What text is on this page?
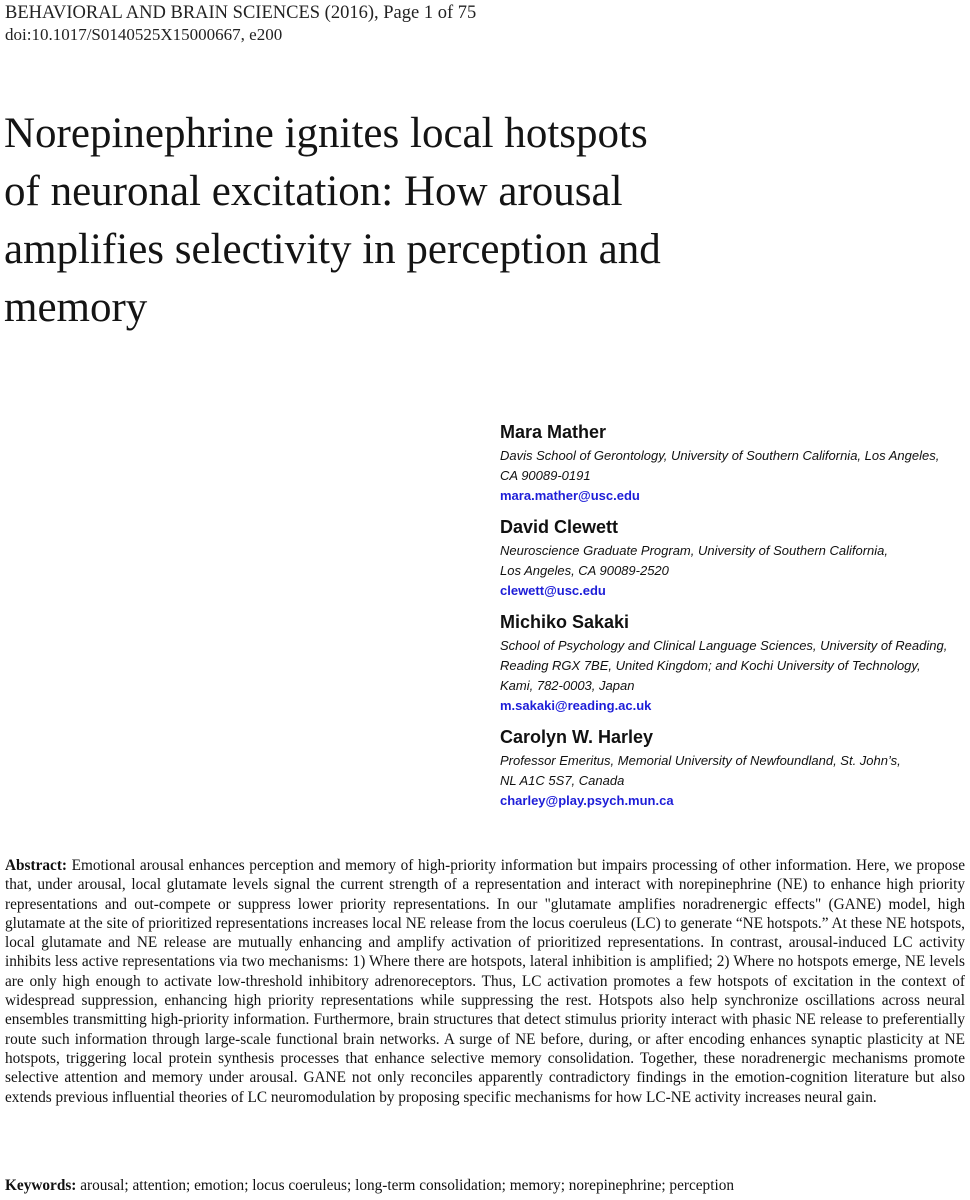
BEHAVIORAL AND BRAIN SCIENCES (2016), Page 1 of 75
doi:10.1017/S0140525X15000667, e200
Norepinephrine ignites local hotspots
of neuronal excitation: How arousal
amplifies selectivity in perception and
memory
Mara Mather
Davis School of Gerontology, University of Southern California, Los Angeles,
CA 90089-0191
mara.mather@usc.edu
David Clewett
Neuroscience Graduate Program, University of Southern California,
Los Angeles, CA 90089-2520
clewett@usc.edu
Michiko Sakaki
School of Psychology and Clinical Language Sciences, University of Reading,
Reading RGX 7BE, United Kingdom; and Kochi University of Technology,
Kami, 782-0003, Japan
m.sakaki@reading.ac.uk
Carolyn W. Harley
Professor Emeritus, Memorial University of Newfoundland, St. John’s,
NL A1C 5S7, Canada
charley@play.psych.mun.ca

Abstract: Emotional arousal enhances perception and memory of high-priority information but impairs processing of other information. Here, we propose that, under arousal, local glutamate levels signal the current strength of a representation and interact with norepinephrine (NE) to enhance high priority representations and out-compete or suppress lower priority representations. In our "glutamate amplifies noradrenergic effects" (GANE) model, high glutamate at the site of prioritized representations increases local NE release from the locus coeruleus (LC) to generate “NE hotspots.” At these NE hotspots, local glutamate and NE release are mutually enhancing and amplify activation of prioritized representations. In contrast, arousal-induced LC activity inhibits less active representations via two mechanisms: 1) Where there are hotspots, lateral inhibition is amplified; 2) Where no hotspots emerge, NE levels are only high enough to activate low-threshold inhibitory adrenoreceptors. Thus, LC activation promotes a few hotspots of excitation in the context of widespread suppression, enhancing high priority representations while suppressing the rest. Hotspots also help synchronize oscillations across neural ensembles transmitting high-priority information. Furthermore, brain structures that detect stimulus priority interact with phasic NE release to preferentially route such information through large-scale functional brain networks. A surge of NE before, during, or after encoding enhances synaptic plasticity at NE hotspots, triggering local protein synthesis processes that enhance selective memory consolidation. Together, these noradrenergic mechanisms promote selective attention and memory under arousal. GANE not only reconciles apparently contradictory findings in the emotion-cognition literature but also extends previous influential theories of LC neuromodulation by proposing specific mechanisms for how LC-NE activity increases neural gain.

Keywords: arousal; attention; emotion; locus coeruleus; long-term consolidation; memory; norepinephrine; perception
